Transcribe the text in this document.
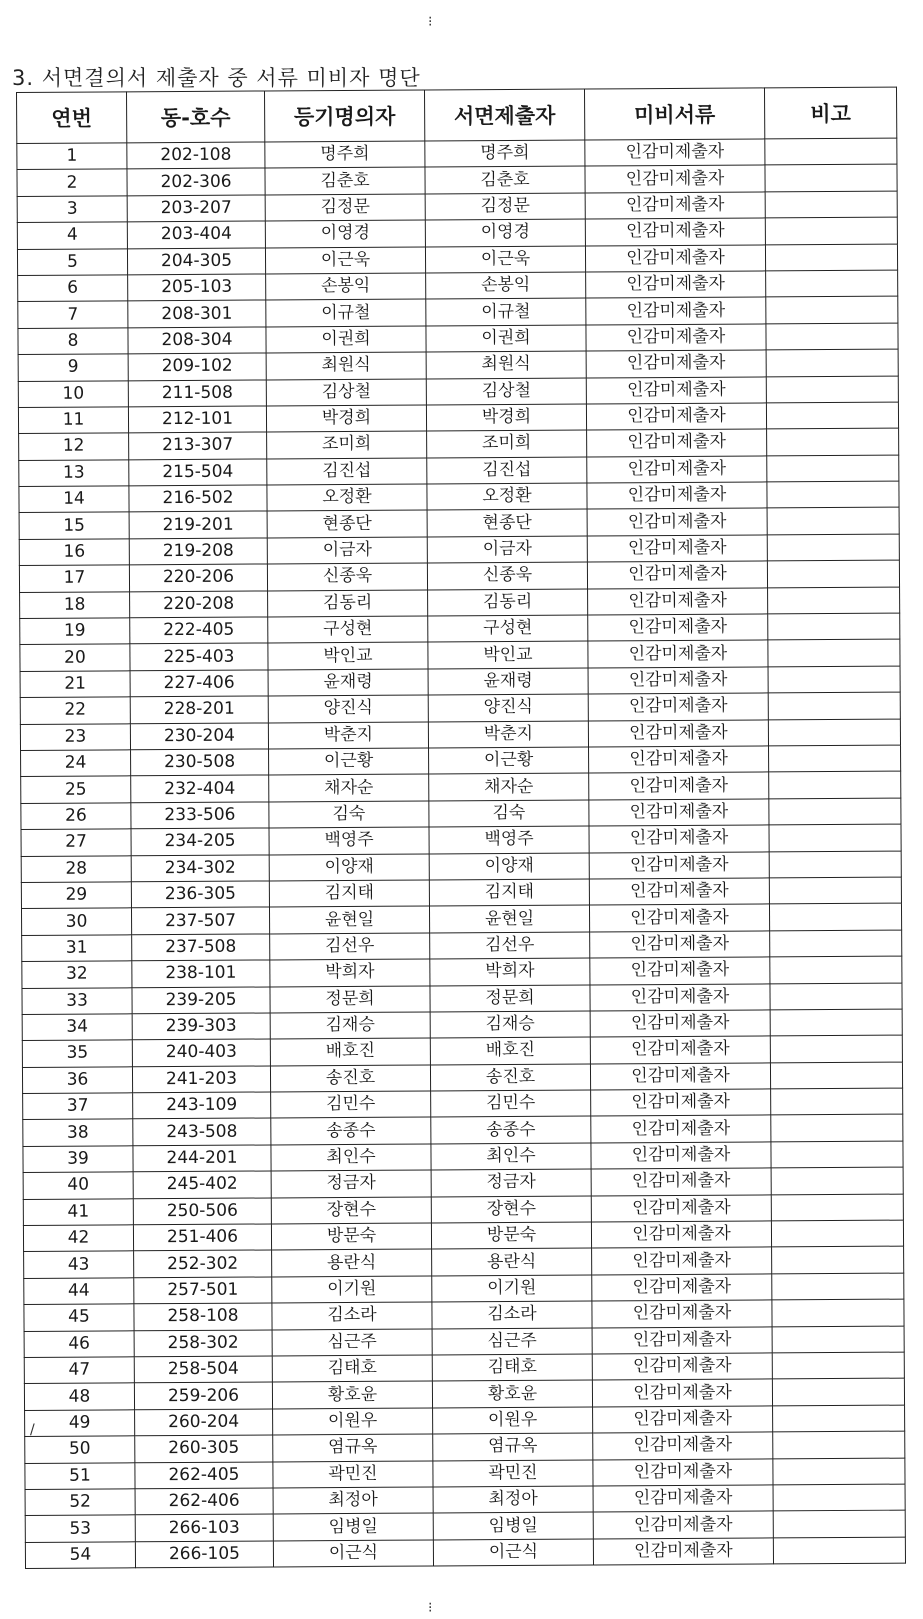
3. 서면결의서 제출자 중 서류 미비자 명단
⁝
⁝
/
연번	동-호수	등기명의자	서면제출자	미비서류	비고
1	202-108	명주희	명주희	인감미제출자	
2	202-306	김춘호	김춘호	인감미제출자	
3	203-207	김정문	김정문	인감미제출자	
4	203-404	이영경	이영경	인감미제출자	
5	204-305	이근욱	이근욱	인감미제출자	
6	205-103	손봉익	손봉익	인감미제출자	
7	208-301	이규철	이규철	인감미제출자	
8	208-304	이권희	이권희	인감미제출자	
9	209-102	최원식	최원식	인감미제출자	
10	211-508	김상철	김상철	인감미제출자	
11	212-101	박경희	박경희	인감미제출자	
12	213-307	조미희	조미희	인감미제출자	
13	215-504	김진섭	김진섭	인감미제출자	
14	216-502	오정환	오정환	인감미제출자	
15	219-201	현종단	현종단	인감미제출자	
16	219-208	이금자	이금자	인감미제출자	
17	220-206	신종욱	신종욱	인감미제출자	
18	220-208	김동리	김동리	인감미제출자	
19	222-405	구성현	구성현	인감미제출자	
20	225-403	박인교	박인교	인감미제출자	
21	227-406	윤재령	윤재령	인감미제출자	
22	228-201	양진식	양진식	인감미제출자	
23	230-204	박춘지	박춘지	인감미제출자	
24	230-508	이근황	이근황	인감미제출자	
25	232-404	채자순	채자순	인감미제출자	
26	233-506	김숙	김숙	인감미제출자	
27	234-205	백영주	백영주	인감미제출자	
28	234-302	이양재	이양재	인감미제출자	
29	236-305	김지태	김지태	인감미제출자	
30	237-507	윤현일	윤현일	인감미제출자	
31	237-508	김선우	김선우	인감미제출자	
32	238-101	박희자	박희자	인감미제출자	
33	239-205	정문희	정문희	인감미제출자	
34	239-303	김재승	김재승	인감미제출자	
35	240-403	배호진	배호진	인감미제출자	
36	241-203	송진호	송진호	인감미제출자	
37	243-109	김민수	김민수	인감미제출자	
38	243-508	송종수	송종수	인감미제출자	
39	244-201	최인수	최인수	인감미제출자	
40	245-402	정금자	정금자	인감미제출자	
41	250-506	장현수	장현수	인감미제출자	
42	251-406	방문숙	방문숙	인감미제출자	
43	252-302	용란식	용란식	인감미제출자	
44	257-501	이기원	이기원	인감미제출자	
45	258-108	김소라	김소라	인감미제출자	
46	258-302	심근주	심근주	인감미제출자	
47	258-504	김태호	김태호	인감미제출자	
48	259-206	황호윤	황호윤	인감미제출자	
49	260-204	이원우	이원우	인감미제출자	
50	260-305	염규옥	염규옥	인감미제출자	
51	262-405	곽민진	곽민진	인감미제출자	
52	262-406	최정아	최정아	인감미제출자	
53	266-103	임병일	임병일	인감미제출자	
54	266-105	이근식	이근식	인감미제출자	
